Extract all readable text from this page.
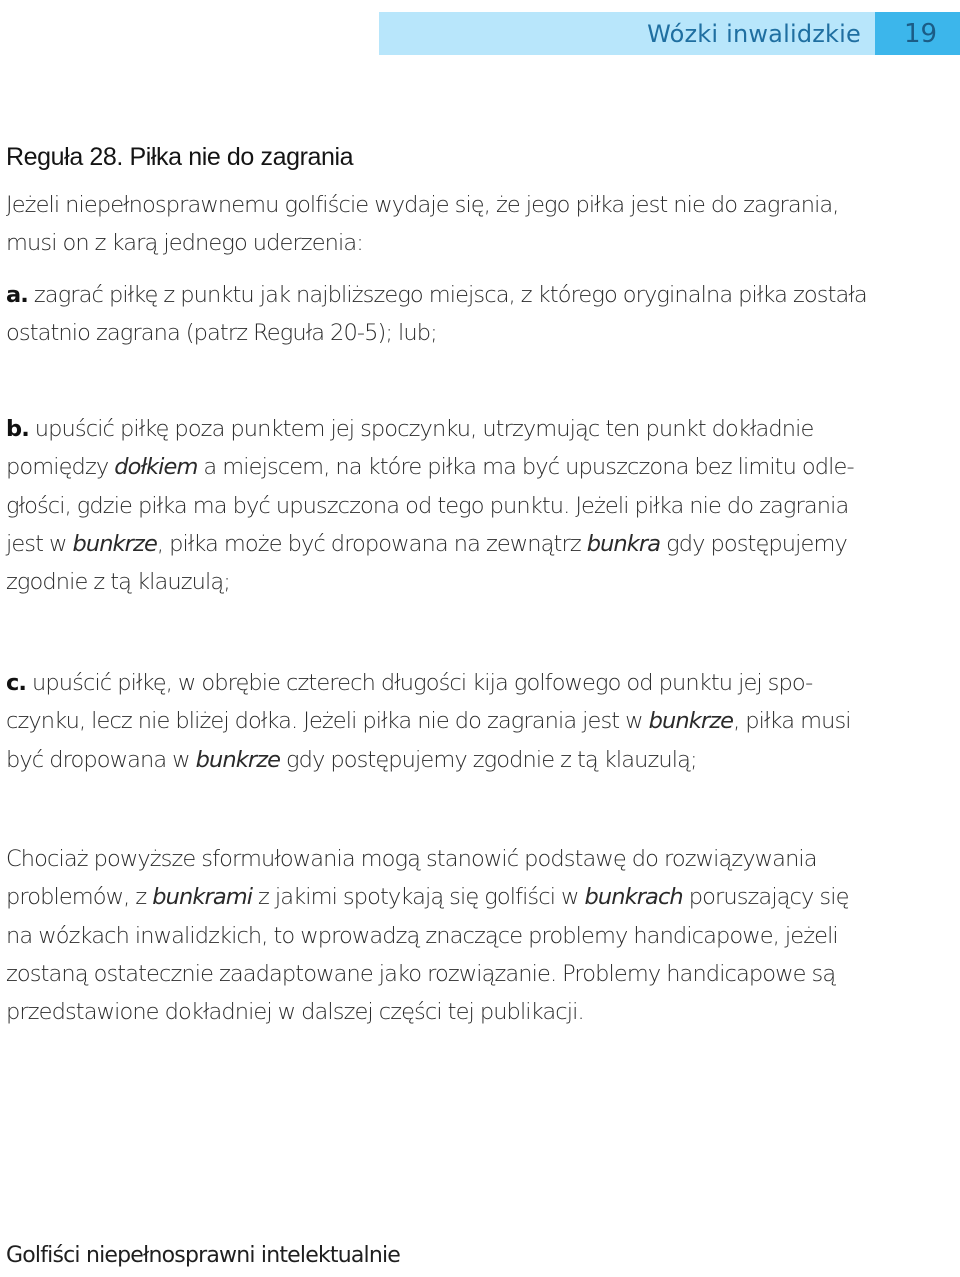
Wózki inwalidzkie 19
Reguła 28. Piłka nie do zagrania

Jeżeli niepełnosprawnemu golfiście wydaje się, że jego piłka jest nie do zagrania,
musi on z karą jednego uderzenia:

a. zagrać piłkę z punktu jak najbliższego miejsca, z którego oryginalna piłka została
ostatnio zagrana (patrz Reguła 20-5); lub;

b. upuścić piłkę poza punktem jej spoczynku, utrzymując ten punkt dokładnie
pomiędzy dołkiem a miejscem, na które piłka ma być upuszczona bez limitu odle-
głości, gdzie piłka ma być upuszczona od tego punktu. Jeżeli piłka nie do zagrania
jest w bunkrze, piłka może być dropowana na zewnątrz bunkra gdy postępujemy
zgodnie z tą klauzulą;

c. upuścić piłkę, w obrębie czterech długości kija golfowego od punktu jej spo-
czynku, lecz nie bliżej dołka. Jeżeli piłka nie do zagrania jest w bunkrze, piłka musi
być dropowana w bunkrze gdy postępujemy zgodnie z tą klauzulą;

Chociaż powyższe sformułowania mogą stanowić podstawę do rozwiązywania
problemów, z bunkrami z jakimi spotykają się golfiści w bunkrach poruszający się
na wózkach inwalidzkich, to wprowadzą znaczące problemy handicapowe, jeżeli
zostaną ostatecznie zaadaptowane jako rozwiązanie. Problemy handicapowe są
przedstawione dokładniej w dalszej części tej publikacji.

Golfiści niepełnosprawni intelektualnie
